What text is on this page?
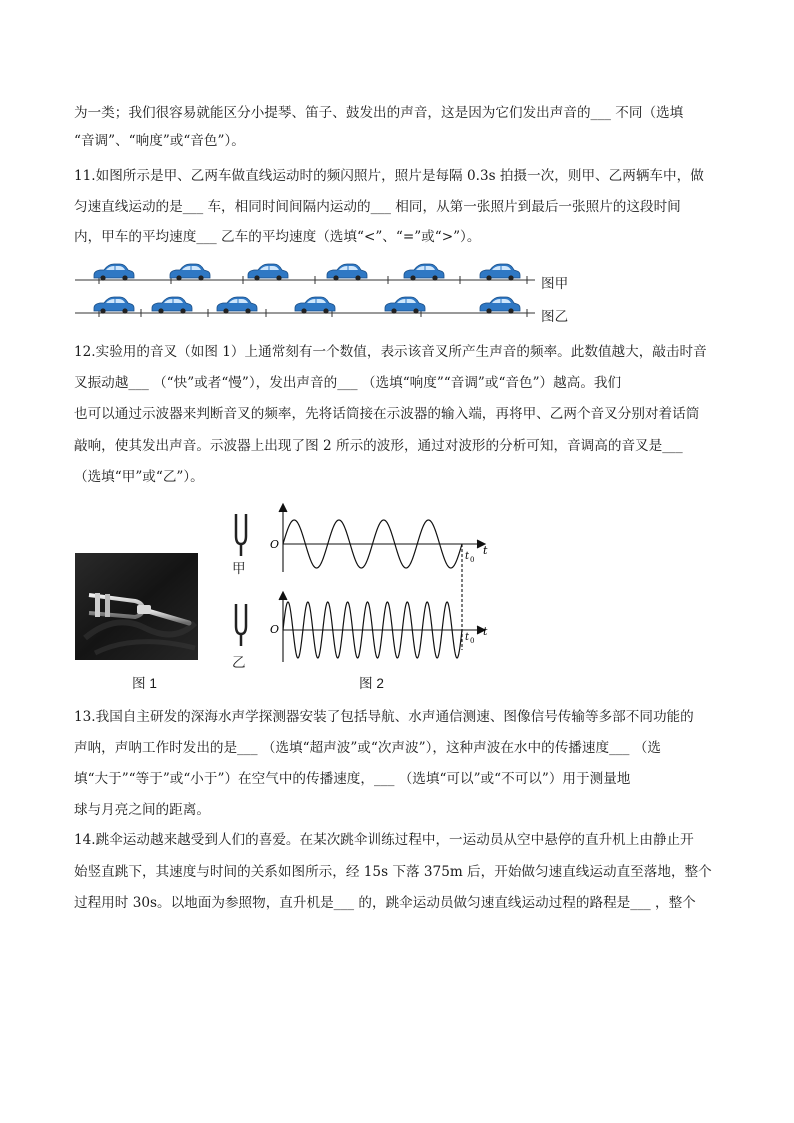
为一类；我们很容易就能区分小提琴、笛子、鼓发出的声音，这是因为它们发出声音的___ 不同（选填
“音调”、“响度”或“音色”）。
11.如图所示是甲、乙两车做直线运动时的频闪照片，照片是每隔 0.3s 拍摄一次，则甲、乙两辆车中，做
匀速直线运动的是___ 车，相同时间间隔内运动的___ 相同，从第一张照片到最后一张照片的这段时间
内，甲车的平均速度___ 乙车的平均速度（选填“<”、“=”或“>”）。
图甲
图乙
12.实验用的音叉（如图 1）上通常刻有一个数值，表示该音叉所产生声音的频率。此数值越大，敲击时音
叉振动越___ （“快”或者“慢”），发出声音的___ （选填“响度”“音调”或“音色”）越高。我们
也可以通过示波器来判断音叉的频率，先将话筒接在示波器的输入端，再将甲、乙两个音叉分别对着话筒
敲响，使其发出声音。示波器上出现了图 2 所示的波形，通过对波形的分析可知，音调高的音叉是___
（选填“甲”或“乙”）。
图 1
O
O
t
t
t 0
t 0
甲
乙
图 2
13.我国自主研发的深海水声学探测器安装了包括导航、水声通信测速、图像信号传输等多部不同功能的
声呐，声呐工作时发出的是___ （选填“超声波”或“次声波”），这种声波在水中的传播速度___ （选
填“大于”“等于”或“小于”）在空气中的传播速度，___ （选填“可以”或“不可以”）用于测量地
球与月亮之间的距离。
14.跳伞运动越来越受到人们的喜爱。在某次跳伞训练过程中，一运动员从空中悬停的直升机上由静止开
始竖直跳下，其速度与时间的关系如图所示，经 15s 下落 375m 后，开始做匀速直线运动直至落地，整个
过程用时 30s。以地面为参照物，直升机是___ 的，跳伞运动员做匀速直线运动过程的路程是___ ，整个
